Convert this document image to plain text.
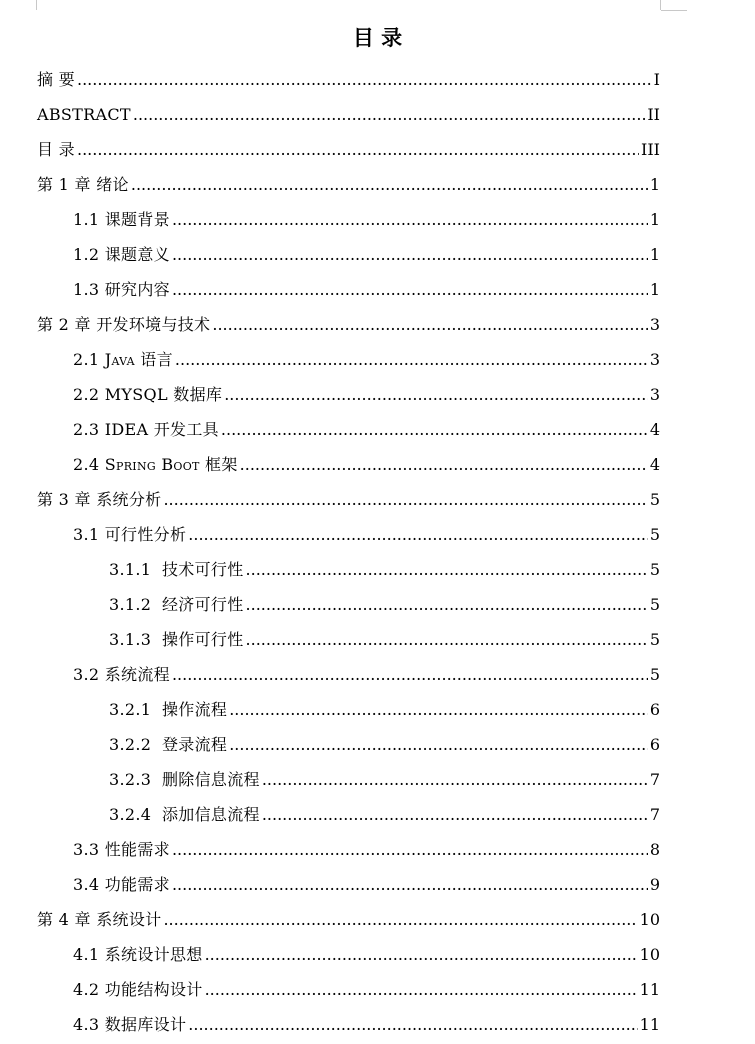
目 录
摘 要 .....	I
ABSTRACT .....	II
目 录 .....	III
第 1 章 绪论 .....	1
1.1 课题背景 .....	1
1.2 课题意义 .....	1
1.3 研究内容 .....	1
第 2 章 开发环境与技术 .....	3
2.1 Java 语言 .....	3
2.2 MYSQL 数据库 .....	3
2.3 IDEA 开发工具 .....	4
2.4 Spring Boot 框架 .....	4
第 3 章 系统分析 .....	5
3.1 可行性分析 .....	5
3.1.1 技术可行性 .....	5
3.1.2 经济可行性 .....	5
3.1.3 操作可行性 .....	5
3.2 系统流程 .....	5
3.2.1 操作流程 .....	6
3.2.2 登录流程 .....	6
3.2.3 删除信息流程 .....	7
3.2.4 添加信息流程 .....	7
3.3 性能需求 .....	8
3.4 功能需求 .....	9
第 4 章 系统设计 .....	10
4.1 系统设计思想 .....	10
4.2 功能结构设计 .....	11
4.3 数据库设计 .....	11
